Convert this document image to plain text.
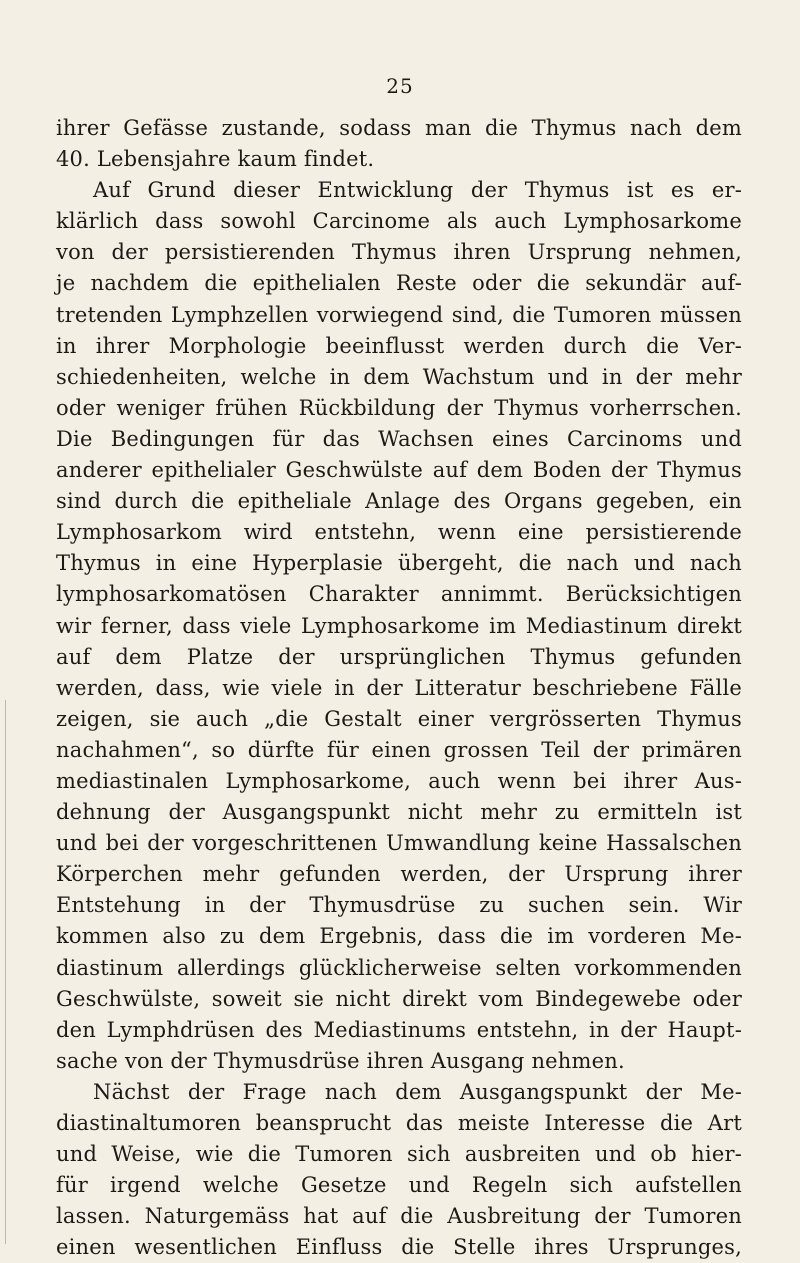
25
ihrer Gefässe zustande, sodass man die Thymus nach dem
40. Lebensjahre kaum findet.
Auf Grund dieser Entwicklung der Thymus ist es er-
klärlich dass sowohl Carcinome als auch Lymphosarkome
von der persistierenden Thymus ihren Ursprung nehmen,
je nachdem die epithelialen Reste oder die sekundär auf-
tretenden Lymphzellen vorwiegend sind, die Tumoren müssen
in ihrer Morphologie beeinflusst werden durch die Ver-
schiedenheiten, welche in dem Wachstum und in der mehr
oder weniger frühen Rückbildung der Thymus vorherrschen.
Die Bedingungen für das Wachsen eines Carcinoms und
anderer epithelialer Geschwülste auf dem Boden der Thymus
sind durch die epitheliale Anlage des Organs gegeben, ein
Lymphosarkom wird entstehn, wenn eine persistierende
Thymus in eine Hyperplasie übergeht, die nach und nach
lymphosarkomatösen Charakter annimmt. Berücksichtigen
wir ferner, dass viele Lymphosarkome im Mediastinum direkt
auf dem Platze der ursprünglichen Thymus gefunden
werden, dass, wie viele in der Litteratur beschriebene Fälle
zeigen, sie auch „die Gestalt einer vergrösserten Thymus
nachahmen“, so dürfte für einen grossen Teil der primären
mediastinalen Lymphosarkome, auch wenn bei ihrer Aus-
dehnung der Ausgangspunkt nicht mehr zu ermitteln ist
und bei der vorgeschrittenen Umwandlung keine Hassalschen
Körperchen mehr gefunden werden, der Ursprung ihrer
Entstehung in der Thymusdrüse zu suchen sein. Wir
kommen also zu dem Ergebnis, dass die im vorderen Me-
diastinum allerdings glücklicherweise selten vorkommenden
Geschwülste, soweit sie nicht direkt vom Bindegewebe oder
den Lymphdrüsen des Mediastinums entstehn, in der Haupt-
sache von der Thymusdrüse ihren Ausgang nehmen.
Nächst der Frage nach dem Ausgangspunkt der Me-
diastinaltumoren beansprucht das meiste Interesse die Art
und Weise, wie die Tumoren sich ausbreiten und ob hier-
für irgend welche Gesetze und Regeln sich aufstellen
lassen. Naturgemäss hat auf die Ausbreitung der Tumoren
einen wesentlichen Einfluss die Stelle ihres Ursprunges,
